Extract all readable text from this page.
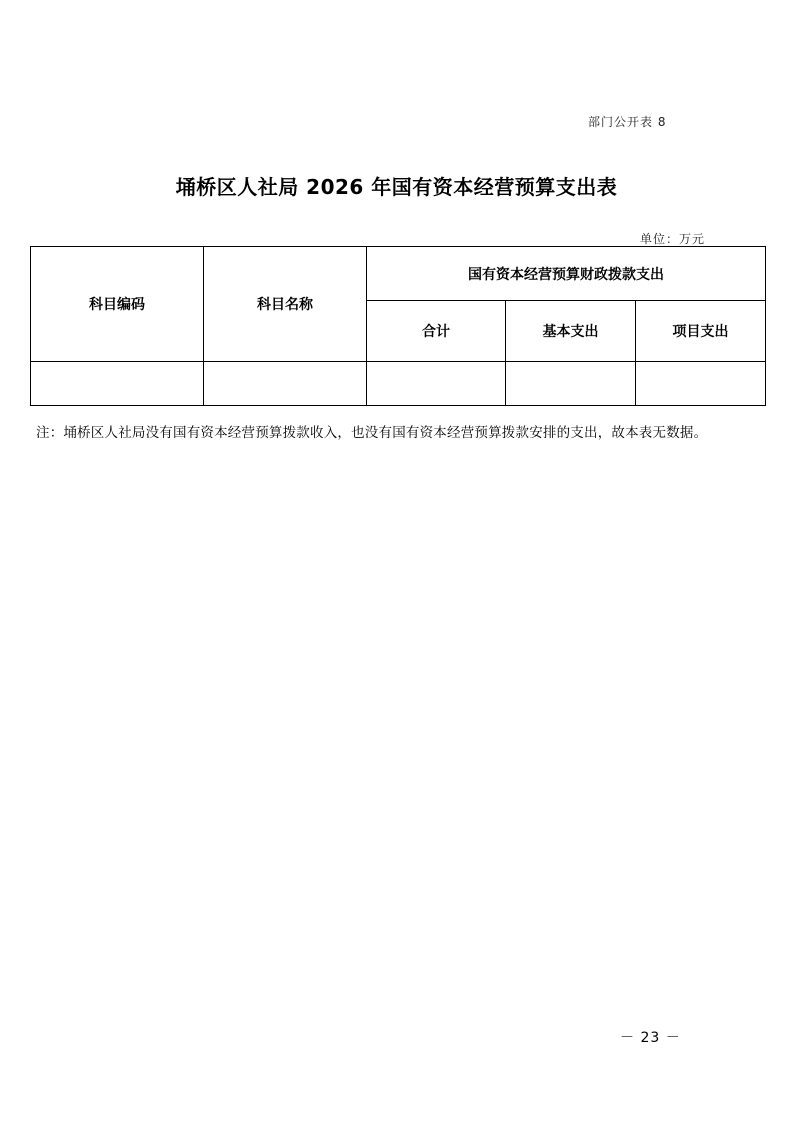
部门公开表 8
埇桥区人社局 2026 年国有资本经营预算支出表
单位：万元
科目编码	科目名称	国有资本经营预算财政拨款支出		
		合计	基本支出	项目支出

注：埇桥区人社局没有国有资本经营预算拨款收入，也没有国有资本经营预算拨款安排的支出，故本表无数据。
－ 23 －
